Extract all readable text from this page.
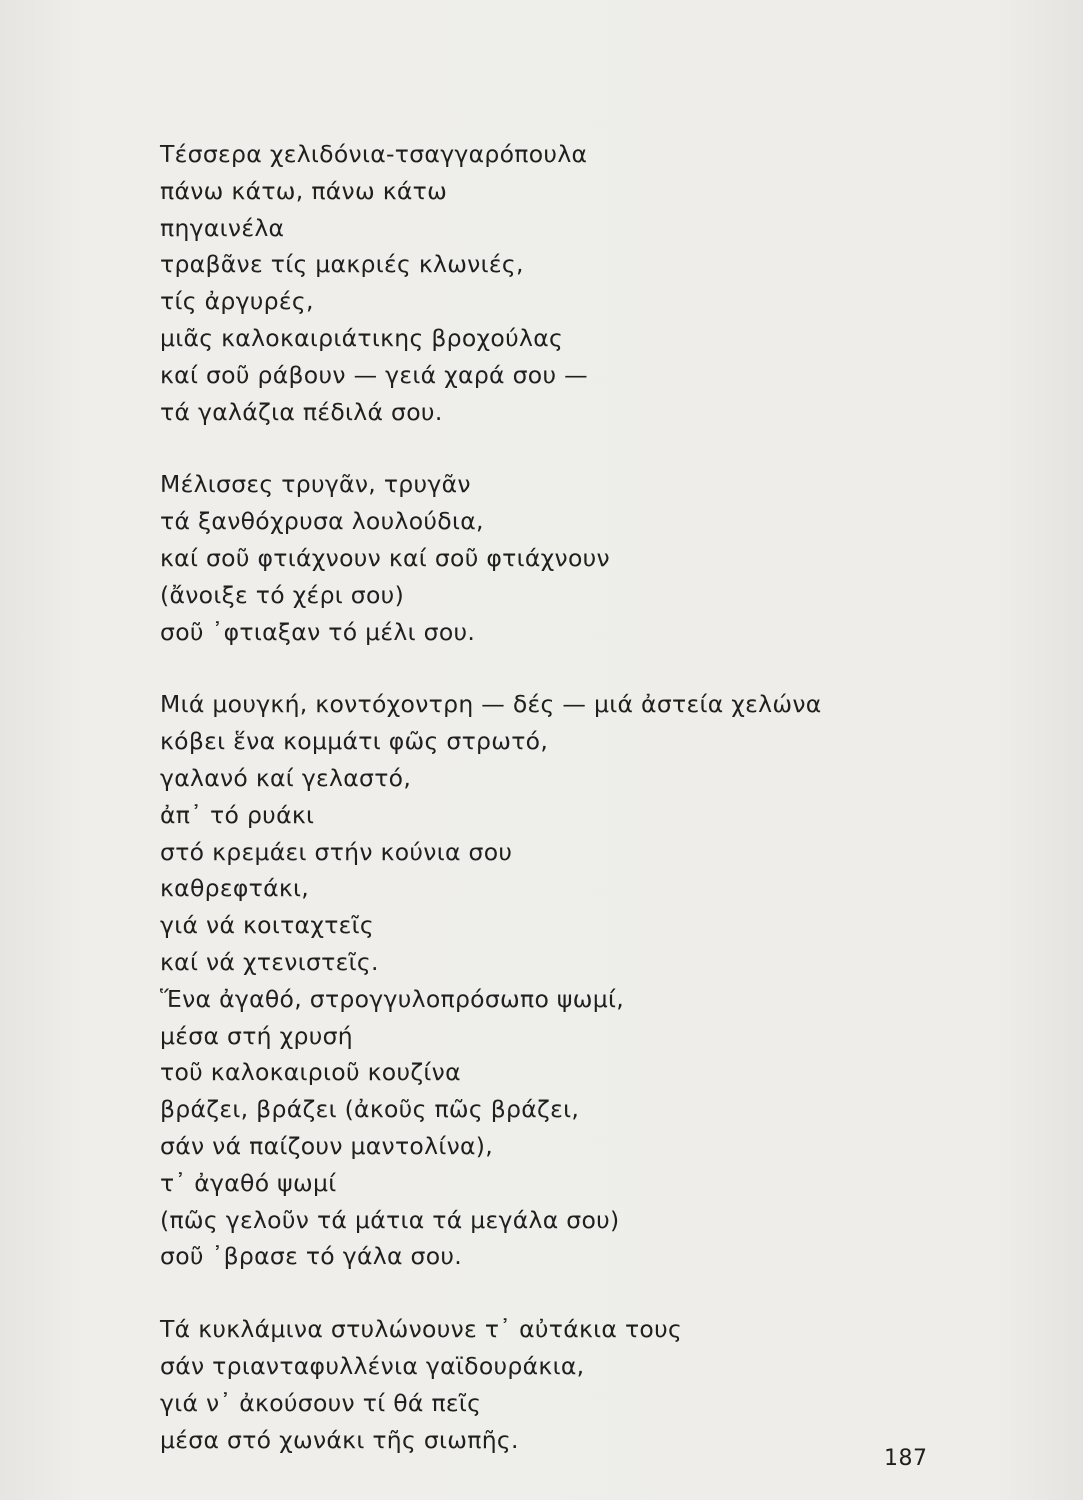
Τέσσερα χελιδόνια-τσαγγαρόπουλα
πάνω κάτω, πάνω κάτω
πηγαινέλα
τραβᾶνε τίς μακριές κλωνιές,
τίς ἀργυρές,
μιᾶς καλοκαιριάτικης βροχούλας
καί σοῦ ράβουν — γειά χαρά σου —
τά γαλάζια πέδιλά σου.
Μέλισσες τρυγᾶν, τρυγᾶν
τά ξανθόχρυσα λουλούδια,
καί σοῦ φτιάχνουν καί σοῦ φτιάχνουν
(ἄνοιξε τό χέρι σου)
σοῦ ᾽φτιαξαν τό μέλι σου.
Μιά μουγκή, κοντόχοντρη — δές — μιά ἀστεία χελώνα
κόβει ἕνα κομμάτι φῶς στρωτό,
γαλανό καί γελαστό,
ἀπ᾽ τό ρυάκι
στό κρεμάει στήν κούνια σου
καθρεφτάκι,
γιά νά κοιταχτεῖς
καί νά χτενιστεῖς.
Ἕνα ἀγαθό, στρογγυλοπρόσωπο ψωμί,
μέσα στή χρυσή
τοῦ καλοκαιριοῦ κουζίνα
βράζει, βράζει (ἀκοῦς πῶς βράζει,
σάν νά παίζουν μαντολίνα),
τ᾽ ἀγαθό ψωμί
(πῶς γελοῦν τά μάτια τά μεγάλα σου)
σοῦ ᾽βρασε τό γάλα σου.
Τά κυκλάμινα στυλώνουνε τ᾽ αὐτάκια τους
σάν τριανταφυλλένια γαϊδουράκια,
γιά ν᾽ ἀκούσουν τί θά πεῖς
μέσα στό χωνάκι τῆς σιωπῆς.
187
